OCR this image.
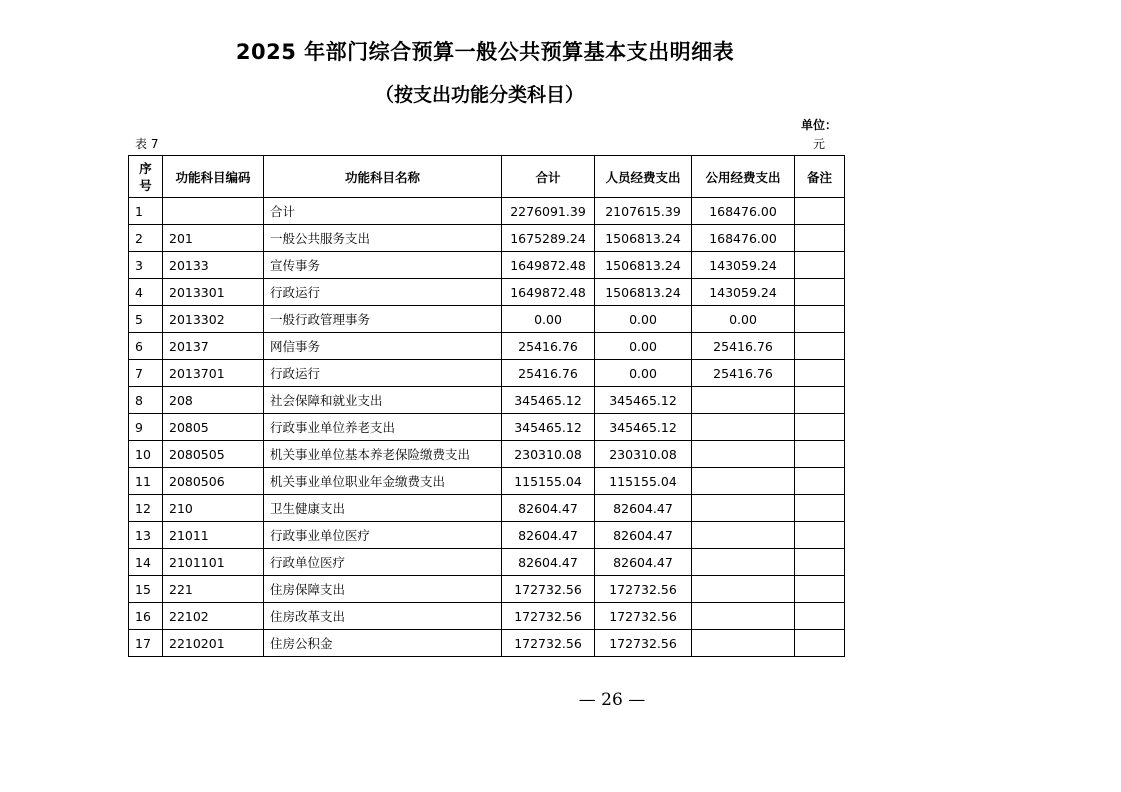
2025 年部门综合预算一般公共预算基本支出明细表
（按支出功能分类科目）
表 7
单位：
元
序号	功能科目编码	功能科目名称	合计	人员经费支出	公用经费支出	备注
1		合计	2276091.39	2107615.39	168476.00	
2	201	一般公共服务支出	1675289.24	1506813.24	168476.00	
3	20133	宣传事务	1649872.48	1506813.24	143059.24	
4	2013301	行政运行	1649872.48	1506813.24	143059.24	
5	2013302	一般行政管理事务	0.00	0.00	0.00	
6	20137	网信事务	25416.76	0.00	25416.76	
7	2013701	行政运行	25416.76	0.00	25416.76	
8	208	社会保障和就业支出	345465.12	345465.12		
9	20805	行政事业单位养老支出	345465.12	345465.12		
10	2080505	机关事业单位基本养老保险缴费支出	230310.08	230310.08		
11	2080506	机关事业单位职业年金缴费支出	115155.04	115155.04		
12	210	卫生健康支出	82604.47	82604.47		
13	21011	行政事业单位医疗	82604.47	82604.47		
14	2101101	行政单位医疗	82604.47	82604.47		
15	221	住房保障支出	172732.56	172732.56		
16	22102	住房改革支出	172732.56	172732.56		
17	2210201	住房公积金	172732.56	172732.56		
— 26 —
